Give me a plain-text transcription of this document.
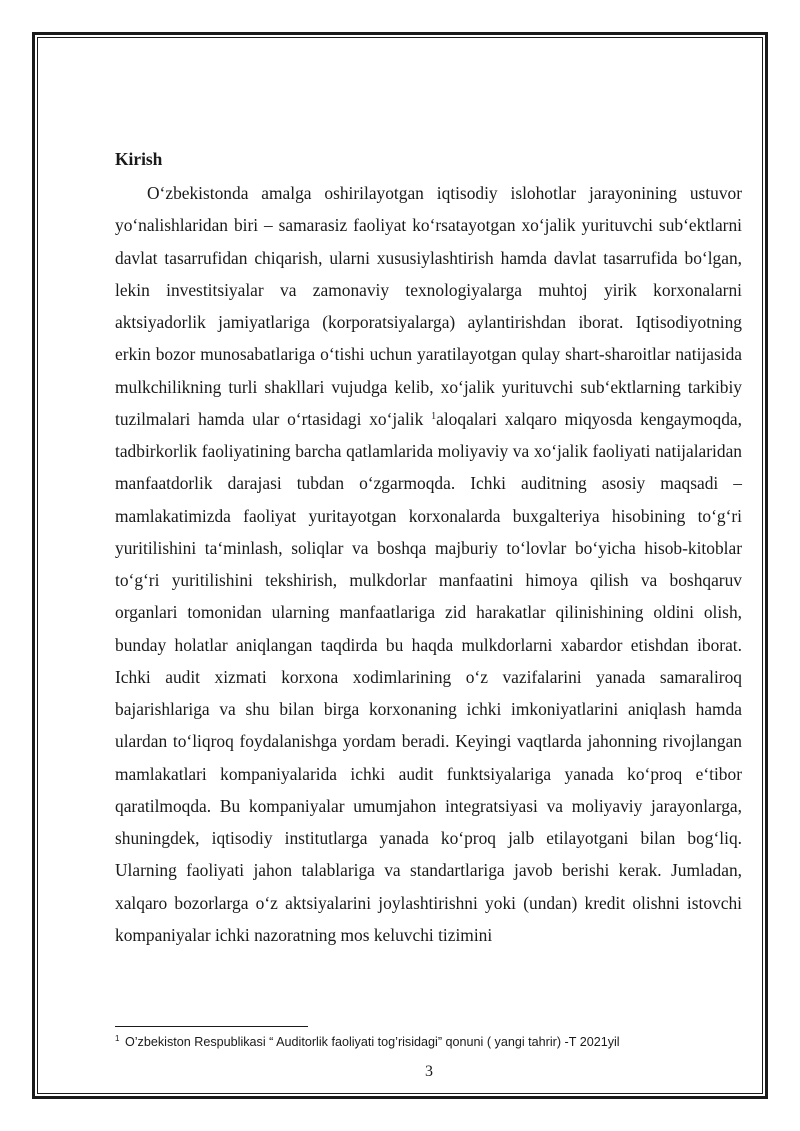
Kirish

O‘zbekistonda amalga oshirilayotgan iqtisodiy islohotlar jarayonining ustuvor yo‘nalishlaridan biri – samarasiz faoliyat ko‘rsatayotgan xo‘jalik yurituvchi sub‘ektlarni davlat tasarrufidan chiqarish, ularni xususiylashtirish hamda davlat tasarrufida bo‘lgan, lekin investitsiyalar va zamonaviy texnologiyalarga muhtoj yirik korxonalarni aktsiyadorlik jamiyatlariga (korporatsiyalarga) aylantirishdan iborat. Iqtisodiyotning erkin bozor munosabatlariga o‘tishi uchun yaratilayotgan qulay shart-sharoitlar natijasida mulkchilikning turli shakllari vujudga kelib, xo‘jalik yurituvchi sub‘ektlarning tarkibiy tuzilmalari hamda ular o‘rtasidagi xo‘jalik $^1$aloqalari xalqaro miqyosda kengaymoqda, tadbirkorlik faoliyatining barcha qatlamlarida moliyaviy va xo‘jalik faoliyati natijalaridan manfaatdorlik darajasi tubdan o‘zgarmoqda. Ichki auditning asosiy maqsadi – mamlakatimizda faoliyat yuritayotgan korxonalarda buxgalteriya hisobining to‘g‘ri yuritilishini ta‘minlash, soliqlar va boshqa majburiy to‘lovlar bo‘yicha hisob-kitoblar to‘g‘ri yuritilishini tekshirish, mulkdorlar manfaatini himoya qilish va boshqaruv organlari tomonidan ularning manfaatlariga zid harakatlar qilinishining oldini olish, bunday holatlar aniqlangan taqdirda bu haqda mulkdorlarni xabardor etishdan iborat. Ichki audit xizmati korxona xodimlarining o‘z vazifalarini yanada samaraliroq bajarishlariga va shu bilan birga korxonaning ichki imkoniyatlarini aniqlash hamda ulardan to‘liqroq foydalanishga yordam beradi. Keyingi vaqtlarda jahonning rivojlangan mamlakatlari kompaniyalarida ichki audit funktsiyalariga yanada ko‘proq e‘tibor qaratilmoqda. Bu kompaniyalar umumjahon integratsiyasi va moliyaviy jarayonlarga, shuningdek, iqtisodiy institutlarga yanada ko‘proq jalb etilayotgani bilan bog‘liq. Ularning faoliyati jahon talablariga va standartlariga javob berishi kerak. Jumladan, xalqaro bozorlarga o‘z aktsiyalarini joylashtirishni yoki (undan) kredit olishni istovchi kompaniyalar ichki nazoratning mos keluvchi tizimini

$^1$ O’zbekiston Respublikasi “ Auditorlik faoliyati tog’risidagi” qonuni ( yangi tahrir) -T 2021yil
3
